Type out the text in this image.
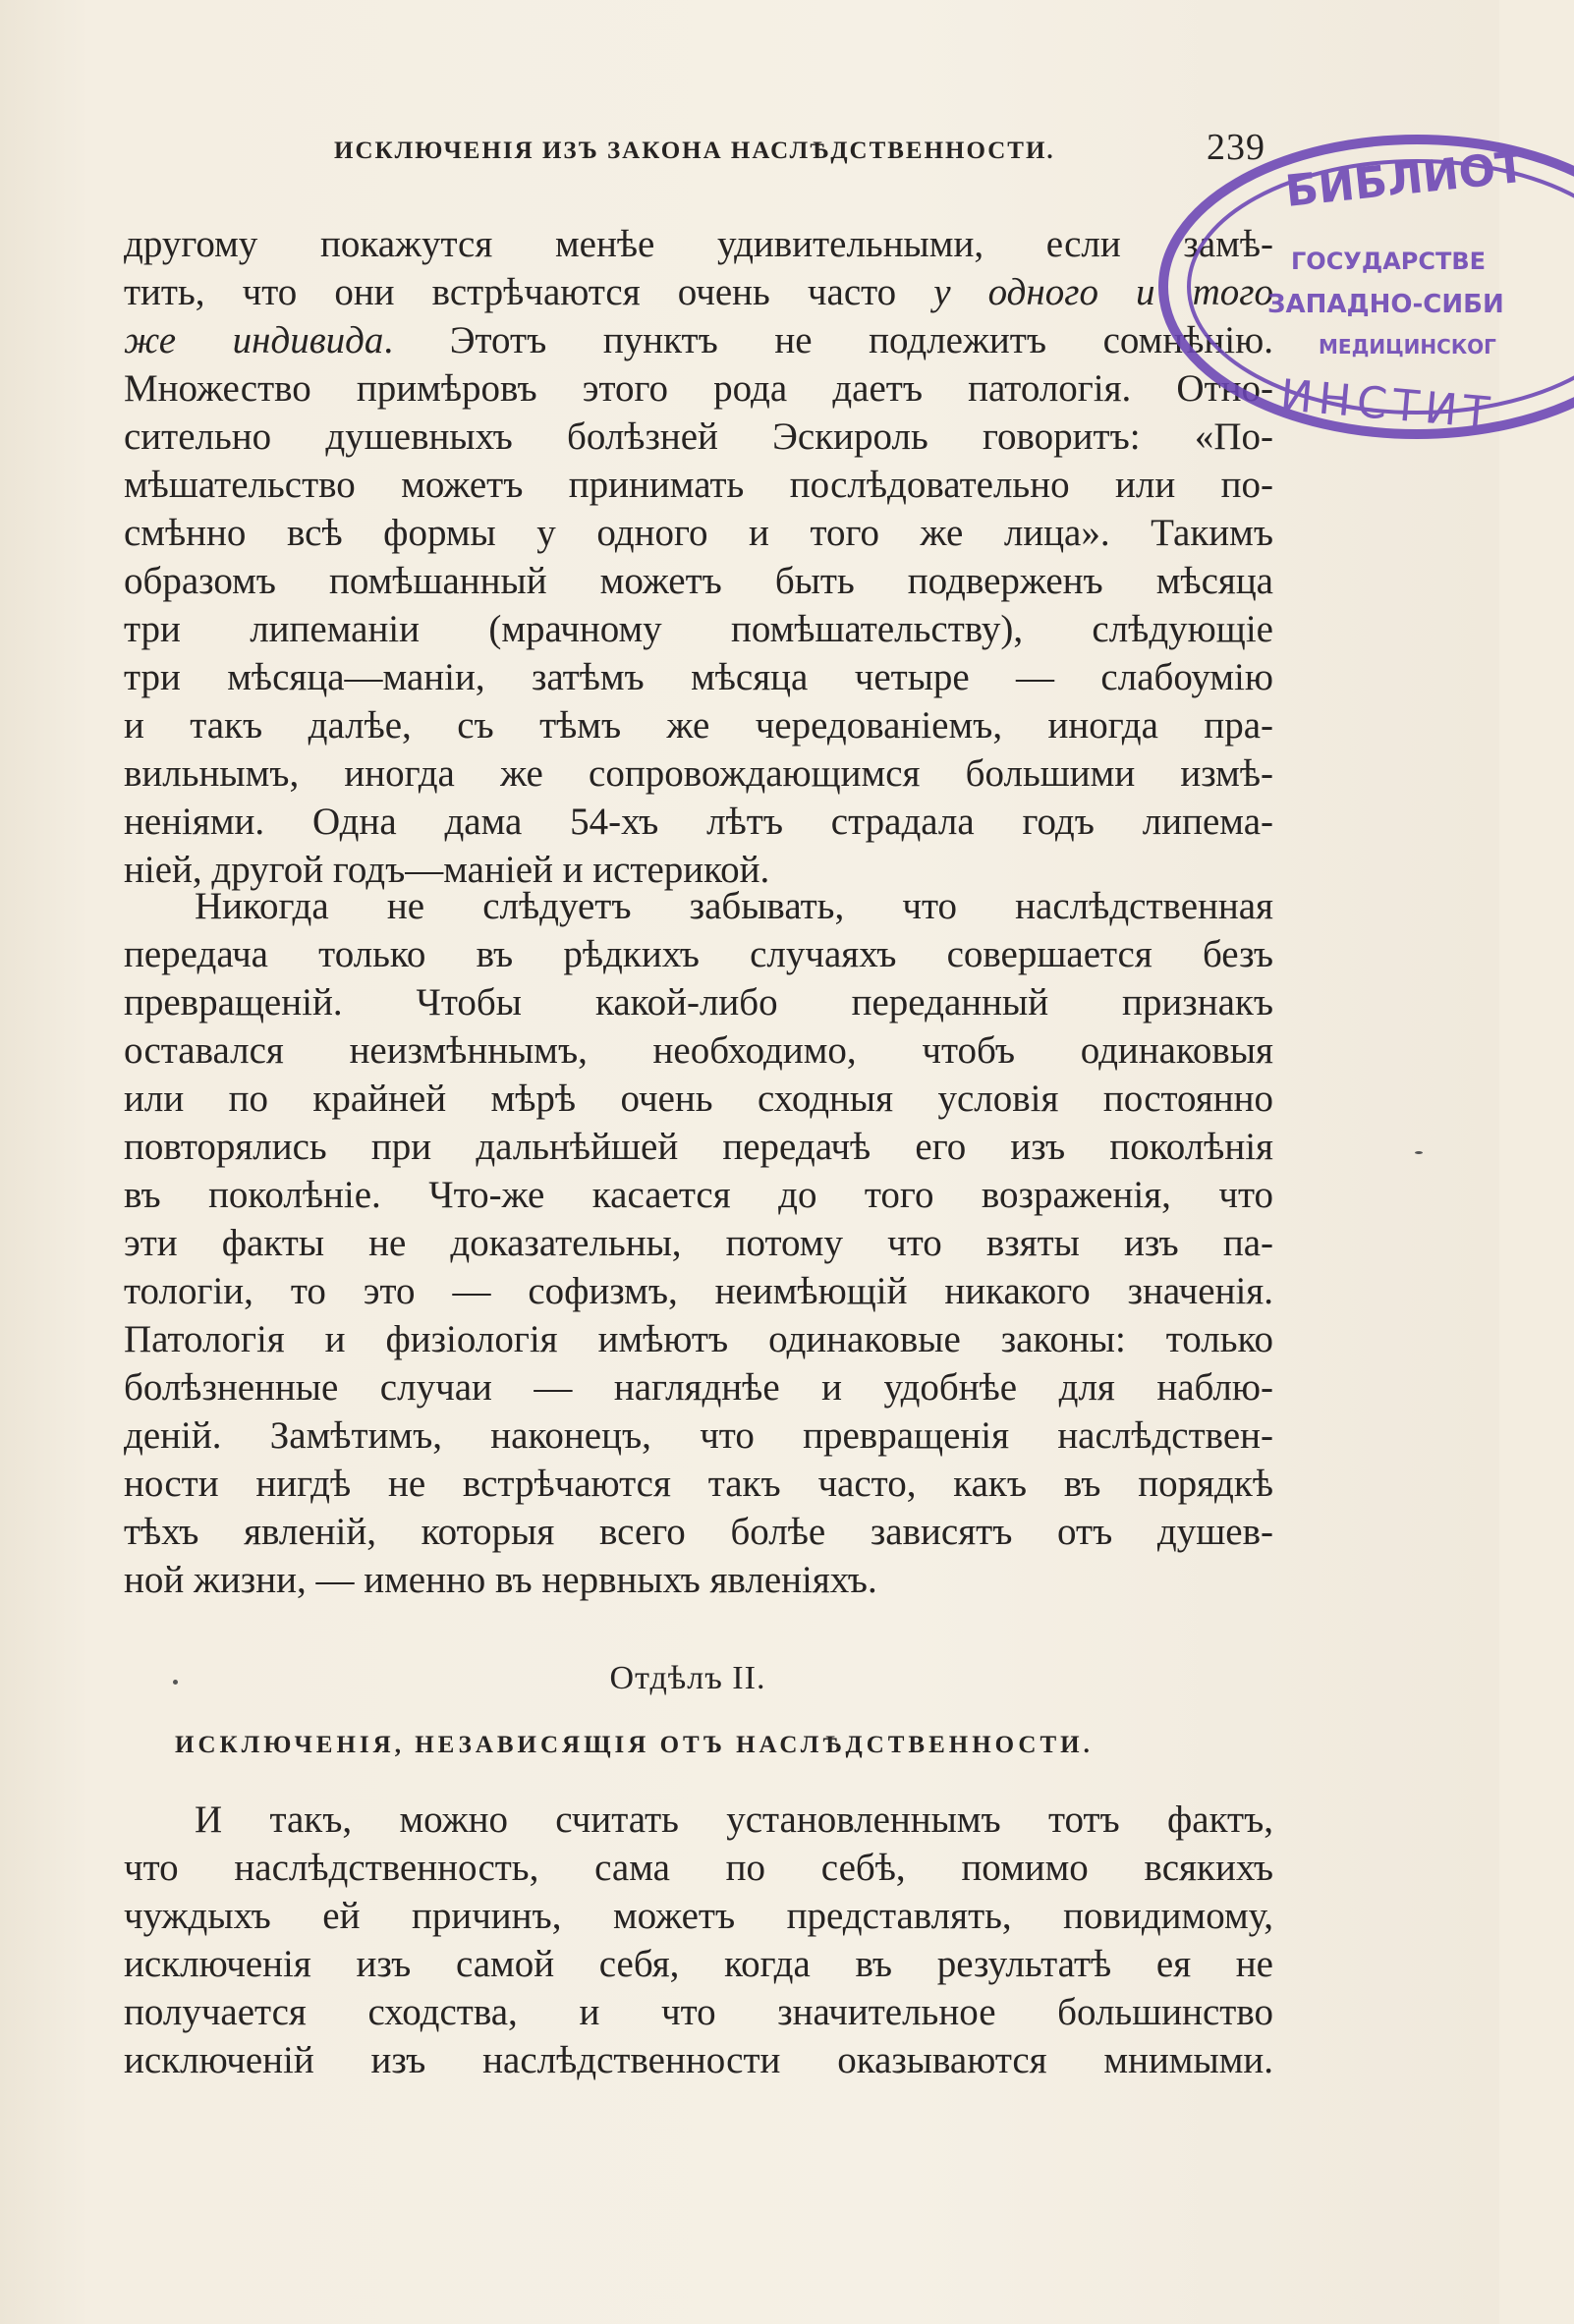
ИСКЛЮЧЕНІЯ ИЗЪ ЗАКОНА НАСЛѢДСТВЕННОСТИ.	239
другому покажутся менѣе удивительными, если замѣ-
тить, что они встрѣчаются очень часто у одного и того
же индивида. Этотъ пунктъ не подлежитъ сомнѣнію.
Множество примѣровъ этого рода даетъ патологія. Отно-
сительно душевныхъ болѣзней Эскироль говоритъ: «По-
мѣшательство можетъ принимать послѣдовательно или по-
смѣнно всѣ формы у одного и того же лица». Такимъ
образомъ помѣшанный можетъ быть подверженъ мѣсяца
три липеманіи (мрачному помѣшательству), слѣдующіе
три мѣсяца—маніи, затѣмъ мѣсяца четыре — слабоумію
и такъ далѣе, съ тѣмъ же чередованіемъ, иногда пра-
вильнымъ, иногда же сопровождающимся большими измѣ-
неніями. Одна дама 54-хъ лѣтъ страдала годъ липема-
ніей, другой годъ—маніей и истерикой.
Никогда не слѣдуетъ забывать, что наслѣдственная
передача только въ рѣдкихъ случаяхъ совершается безъ
превращеній. Чтобы какой-либо переданный признакъ
оставался неизмѣннымъ, необходимо, чтобъ одинаковыя
или по крайней мѣрѣ очень сходныя условія постоянно
повторялись при дальнѣйшей передачѣ его изъ поколѣнія
въ поколѣніе. Что-же касается до того возраженія, что
эти факты не доказательны, потому что взяты изъ па-
тологіи, то это — софизмъ, неимѣющій никакого значенія.
Патологія и физіологія имѣютъ одинаковые законы: только
болѣзненные случаи — нагляднѣе и удобнѣе для наблю-
деній. Замѣтимъ, наконецъ, что превращенія наслѣдствен-
ности нигдѣ не встрѣчаются такъ часто, какъ въ порядкѣ
тѣхъ явленій, которыя всего болѣе зависятъ отъ душев-
ной жизни, — именно въ нервныхъ явленіяхъ.
Отдѣлъ II.
ИСКЛЮЧЕНІЯ, НЕЗАВИСЯЩІЯ ОТЪ НАСЛѢДСТВЕННОСТИ.
И такъ, можно считать установленнымъ тотъ фактъ,
что наслѣдственность, сама по себѣ, помимо всякихъ
чуждыхъ ей причинъ, можетъ представлять, повидимому,
исключенія изъ самой себя, когда въ результатѣ ея не
получается сходства, и что значительное большинство
исключеній изъ наслѣдственности оказываются мнимыми.
БИБЛИОТ
ГОСУДАРСТВЕ
ЗАПАДНО-СИБИ
МЕДИЦИНСКОГ
ИНСТИТ
